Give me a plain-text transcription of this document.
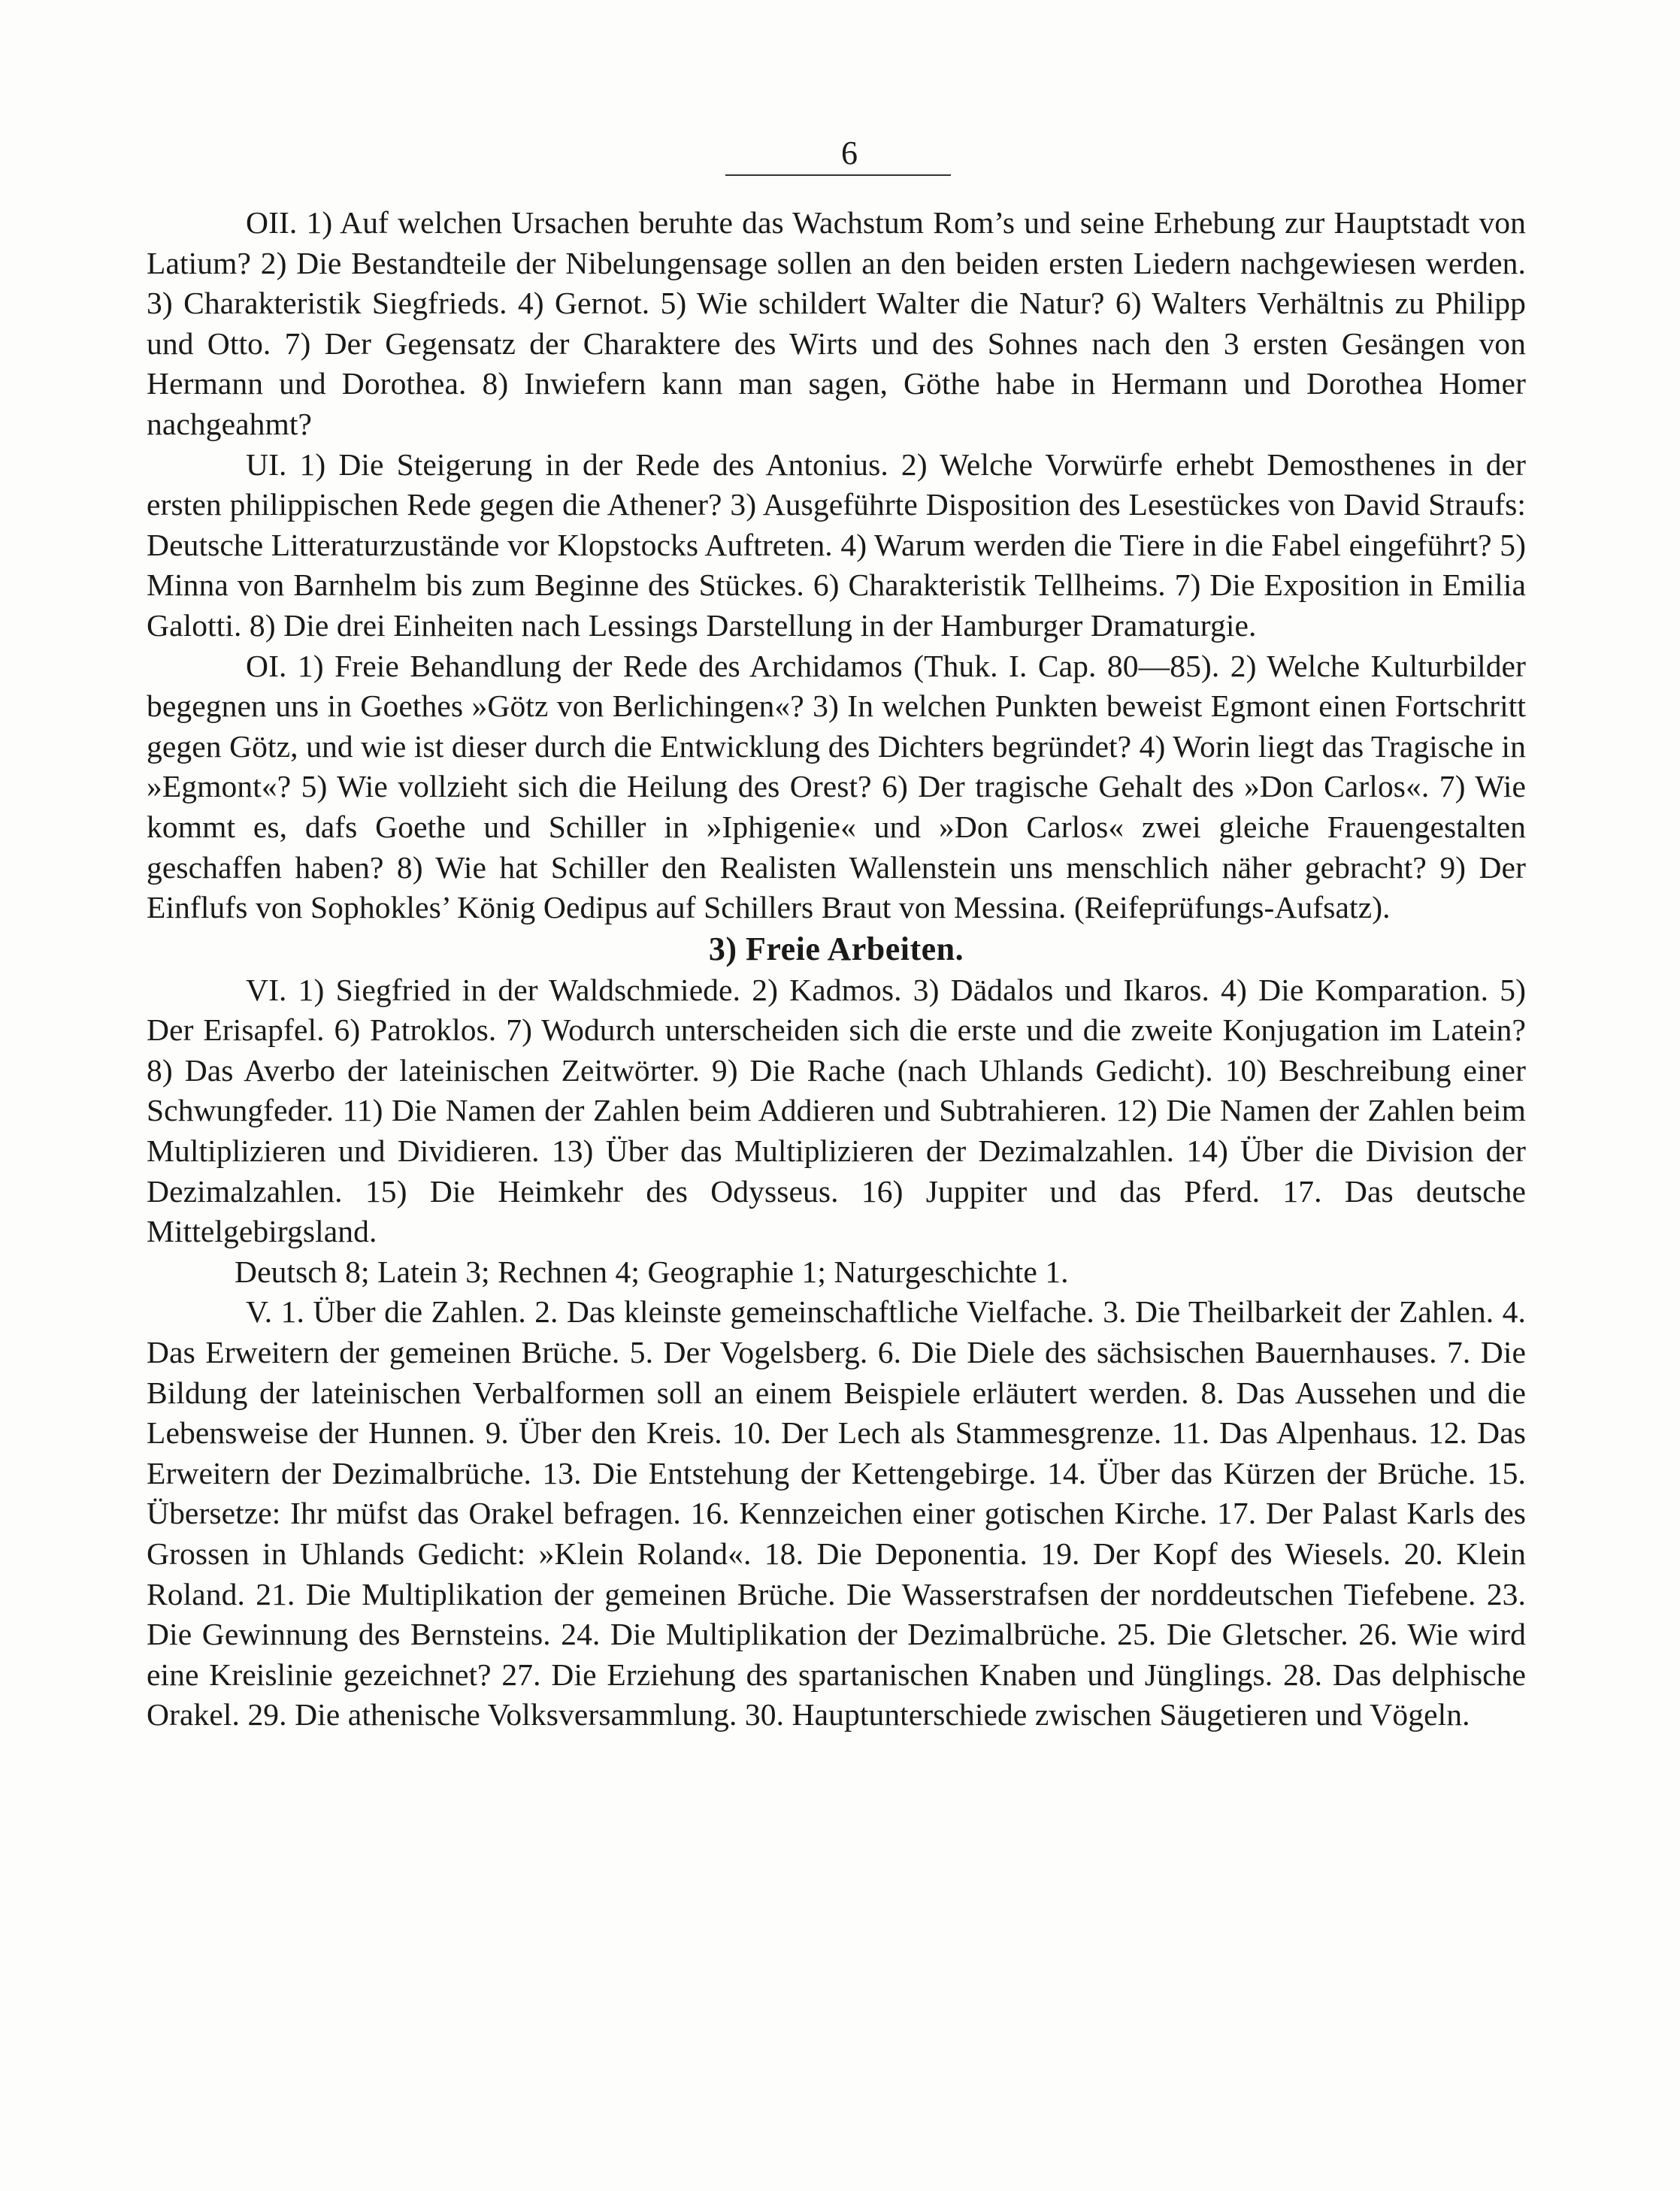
6

OII. 1) Auf welchen Ursachen beruhte das Wachstum Rom’s und seine Erhebung zur Hauptstadt von Latium? 2) Die Bestandteile der Nibelungensage sollen an den beiden ersten Liedern nachgewiesen werden. 3) Charakteristik Siegfrieds. 4) Gernot. 5) Wie schildert Walter die Natur? 6) Walters Verhältnis zu Philipp und Otto. 7) Der Gegensatz der Charaktere des Wirts und des Sohnes nach den 3 ersten Gesängen von Hermann und Dorothea. 8) Inwiefern kann man sagen, Göthe habe in Hermann und Dorothea Homer nachgeahmt?

UI. 1) Die Steigerung in der Rede des Antonius. 2) Welche Vorwürfe erhebt Demosthenes in der ersten philippischen Rede gegen die Athener? 3) Ausgeführte Disposition des Lesestückes von David Straufs: Deutsche Litteraturzustände vor Klopstocks Auftreten. 4) Warum werden die Tiere in die Fabel eingeführt? 5) Minna von Barnhelm bis zum Beginne des Stückes. 6) Charakteristik Tellheims. 7) Die Exposition in Emilia Galotti. 8) Die drei Einheiten nach Lessings Darstellung in der Hamburger Dramaturgie.

OI. 1) Freie Behandlung der Rede des Archidamos (Thuk. I. Cap. 80—85). 2) Welche Kulturbilder begegnen uns in Goethes »Götz von Berlichingen«? 3) In welchen Punkten beweist Egmont einen Fortschritt gegen Götz, und wie ist dieser durch die Entwicklung des Dichters begründet? 4) Worin liegt das Tragische in »Egmont«? 5) Wie vollzieht sich die Heilung des Orest? 6) Der tragische Gehalt des »Don Carlos«. 7) Wie kommt es, dafs Goethe und Schiller in »Iphigenie« und »Don Carlos« zwei gleiche Frauengestalten geschaffen haben? 8) Wie hat Schiller den Realisten Wallenstein uns menschlich näher gebracht? 9) Der Einflufs von Sophokles’ König Oedipus auf Schillers Braut von Messina. (Reifeprüfungs-Aufsatz).

3) Freie Arbeiten.

VI. 1) Siegfried in der Waldschmiede. 2) Kadmos. 3) Dädalos und Ikaros. 4) Die Komparation. 5) Der Erisapfel. 6) Patroklos. 7) Wodurch unterscheiden sich die erste und die zweite Konjugation im Latein? 8) Das Averbo der lateinischen Zeitwörter. 9) Die Rache (nach Uhlands Gedicht). 10) Beschreibung einer Schwungfeder. 11) Die Namen der Zahlen beim Addieren und Subtrahieren. 12) Die Namen der Zahlen beim Multiplizieren und Dividieren. 13) Über das Multiplizieren der Dezimalzahlen. 14) Über die Division der Dezimalzahlen. 15) Die Heimkehr des Odysseus. 16) Juppiter und das Pferd. 17. Das deutsche Mittelgebirgsland.

Deutsch 8; Latein 3; Rechnen 4; Geographie 1; Naturgeschichte 1.

V. 1. Über die Zahlen. 2. Das kleinste gemeinschaftliche Vielfache. 3. Die Theilbarkeit der Zahlen. 4. Das Erweitern der gemeinen Brüche. 5. Der Vogelsberg. 6. Die Diele des sächsischen Bauernhauses. 7. Die Bildung der lateinischen Verbalformen soll an einem Beispiele erläutert werden. 8. Das Aussehen und die Lebensweise der Hunnen. 9. Über den Kreis. 10. Der Lech als Stammesgrenze. 11. Das Alpenhaus. 12. Das Erweitern der Dezimalbrüche. 13. Die Entstehung der Kettengebirge. 14. Über das Kürzen der Brüche. 15. Übersetze: Ihr müfst das Orakel befragen. 16. Kennzeichen einer gotischen Kirche. 17. Der Palast Karls des Grossen in Uhlands Gedicht: »Klein Roland«. 18. Die Deponentia. 19. Der Kopf des Wiesels. 20. Klein Roland. 21. Die Multiplikation der gemeinen Brüche. Die Wasserstrafsen der norddeutschen Tiefebene. 23. Die Gewinnung des Bernsteins. 24. Die Multiplikation der Dezimalbrüche. 25. Die Gletscher. 26. Wie wird eine Kreislinie gezeichnet? 27. Die Erziehung des spartanischen Knaben und Jünglings. 28. Das delphische Orakel. 29. Die athenische Volksversammlung. 30. Hauptunterschiede zwischen Säugetieren und Vögeln.
